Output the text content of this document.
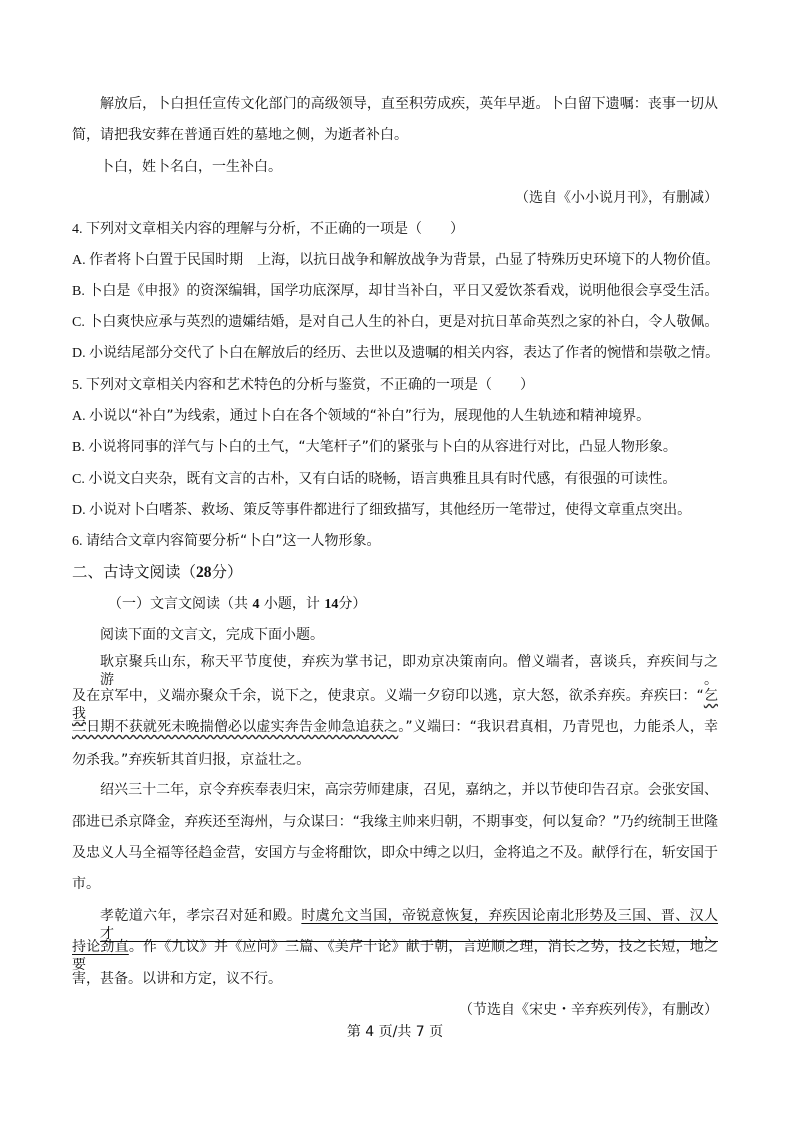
解放后，卜白担任宣传文化部门的高级领导，直至积劳成疾，英年早逝。卜白留下遗嘱：丧事一切从
简，请把我安葬在普通百姓的墓地之侧，为逝者补白。
卜白，姓卜名白，一生补白。
（选自《小小说月刊》，有删减）
4. 下列对文章相关内容的理解与分析，不正确的一项是（　　）
A. 作者将卜白置于民国时期　上海，以抗日战争和解放战争为背景，凸显了特殊历史环境下的人物价值。
B. 卜白是《申报》的资深编辑，国学功底深厚，却甘当补白，平日又爱饮茶看戏，说明他很会享受生活。
C. 卜白爽快应承与英烈的遗孀结婚，是对自己人生的补白，更是对抗日革命英烈之家的补白，令人敬佩。
D. 小说结尾部分交代了卜白在解放后的经历、去世以及遗嘱的相关内容，表达了作者的惋惜和崇敬之情。
5. 下列对文章相关内容和艺术特色的分析与鉴赏，不正确的一项是（　　）
A. 小说以“补白”为线索，通过卜白在各个领域的“补白”行为，展现他的人生轨迹和精神境界。
B. 小说将同事的洋气与卜白的土气，“大笔杆子”们的紧张与卜白的从容进行对比，凸显人物形象。
C. 小说文白夹杂，既有文言的古朴，又有白话的晓畅，语言典雅且具有时代感，有很强的可读性。
D. 小说对卜白嗜茶、救场、策反等事件都进行了细致描写，其他经历一笔带过，使得文章重点突出。
6. 请结合文章内容简要分析“卜白”这一人物形象。
二、古诗文阅读（28分）
（一）文言文阅读（共 4 小题，计 14分）
阅读下面的文言文，完成下面小题。
耿京聚兵山东，称天平节度使，弃疾为掌书记，即劝京决策南向。僧义端者，喜谈兵，弃疾间与之游。
及在京军中，义端亦聚众千余，说下之，使隶京。义端一夕窃印以逃，京大怒，欲杀弃疾。弃疾曰：“乞我
三日期不获就死未晚揣僧必以虚实奔告金帅急追获之。”义端曰：“我识君真相，乃青兕也，力能杀人，幸
勿杀我。”弃疾斩其首归报，京益壮之。
绍兴三十二年，京令弃疾奉表归宋，高宗劳师建康，召见，嘉纳之，并以节使印告召京。会张安国、
邵进已杀京降金，弃疾还至海州，与众谋曰：“我缘主帅来归朝，不期事变，何以复命？”乃约统制王世隆
及忠义人马全福等径趋金营，安国方与金将酣饮，即众中缚之以归，金将追之不及。献俘行在，斩安国于
市。
孝乾道六年，孝宗召对延和殿。时虞允文当国，帝锐意恢复，弃疾因论南北形势及三国、晋、汉人才，
持论劲直。作《九议》并《应问》三篇、《美芹十论》献于朝，言逆顺之理，消长之势，技之长短，地之要
害，甚备。以讲和方定，议不行。
（节选自《宋史・辛弃疾列传》，有删改）
第 4 页/共 7 页
